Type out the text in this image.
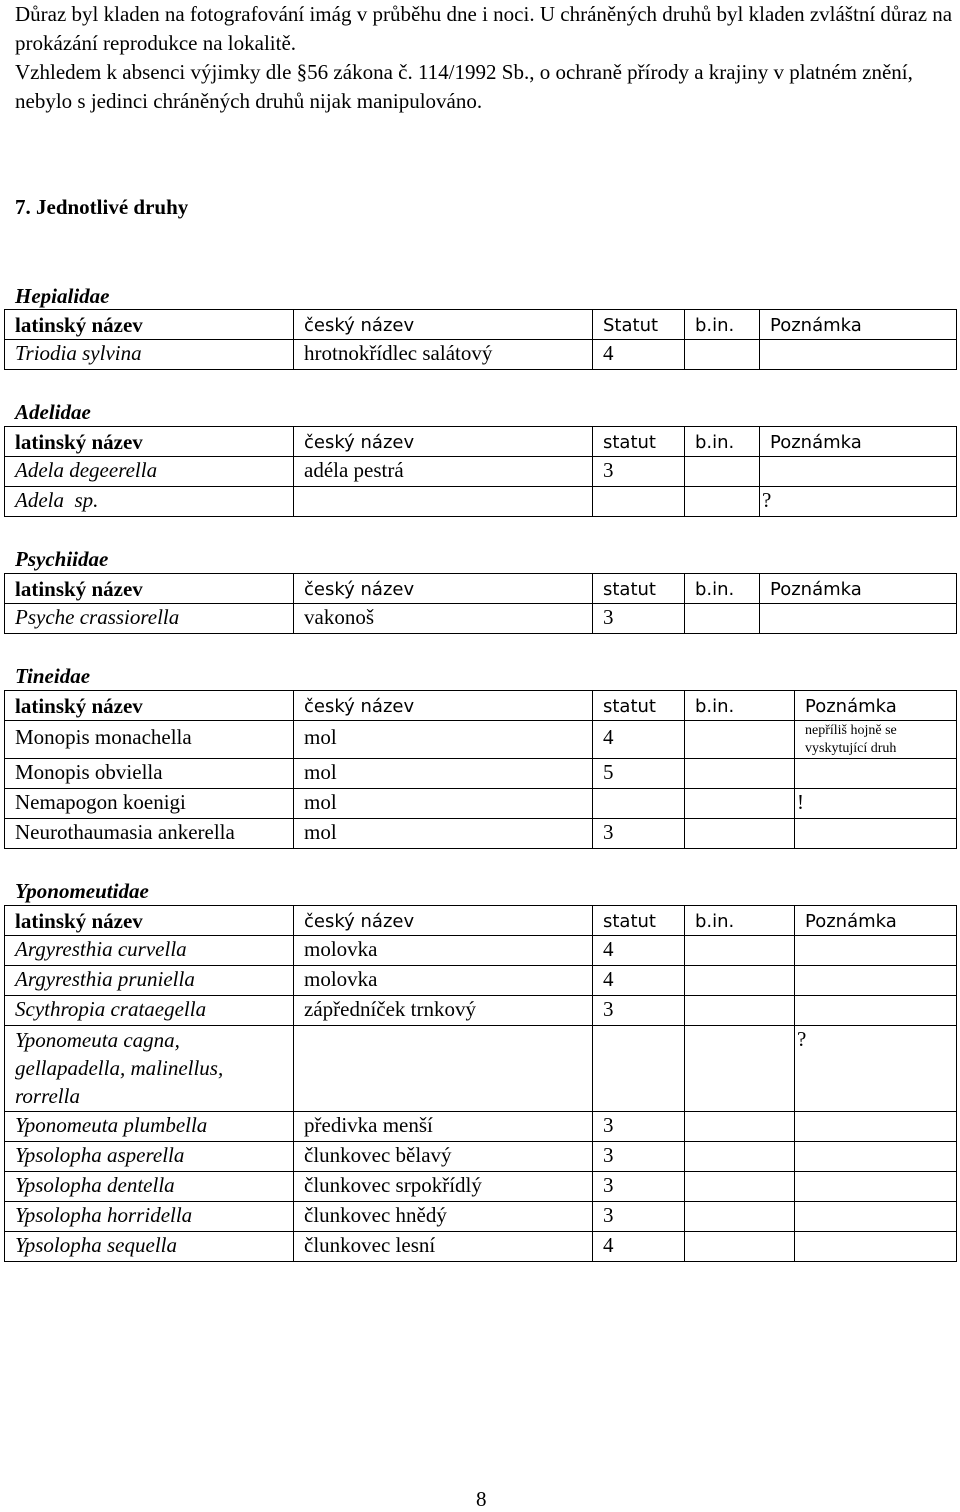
Důraz byl kladen na fotografování imág v průběhu dne i noci. U chráněných druhů byl kladen zvláštní důraz na prokázání reprodukce na lokalitě.

Vzhledem k absenci výjimky dle §56 zákona č. 114/1992 Sb., o ochraně přírody a krajiny v platném znění, nebylo s jedinci chráněných druhů nijak manipulováno.

7. Jednotlivé druhy
Hepialidae
latinský název	český název	Statut	b.in.	Poznámka
Triodia sylvina	hrotnokřídlec salátový	4		
Adelidae
latinský název	český název	statut	b.in.	Poznámka
Adela degeerella	adéla pestrá	3		
Adela  sp.				?
Psychiidae
latinský název	český název	statut	b.in.	Poznámka
Psyche crassiorella	vakonoš	3		
Tineidae
latinský název	český název	statut	b.in.	Poznámka
Monopis monachella	mol	4		nepříliš hojně se vyskytující druh
Monopis obviella	mol	5		
Nemapogon koenigi	mol			!
Neurothaumasia ankerella	mol	3		
Yponomeutidae
latinský název	český název	statut	b.in.	Poznámka
Argyresthia curvella	molovka	4		
Argyresthia pruniella	molovka	4		
Scythropia crataegella	zápředníček trnkový	3		
Yponomeuta cagna, gellapadella, malinellus, rorrella				?
Yponomeuta plumbella	předivka menší	3		
Ypsolopha asperella	člunkovec bělavý	3		
Ypsolopha dentella	člunkovec srpokřídlý	3		
Ypsolopha horridella	člunkovec hnědý	3		
Ypsolopha sequella	člunkovec lesní	4		
8
